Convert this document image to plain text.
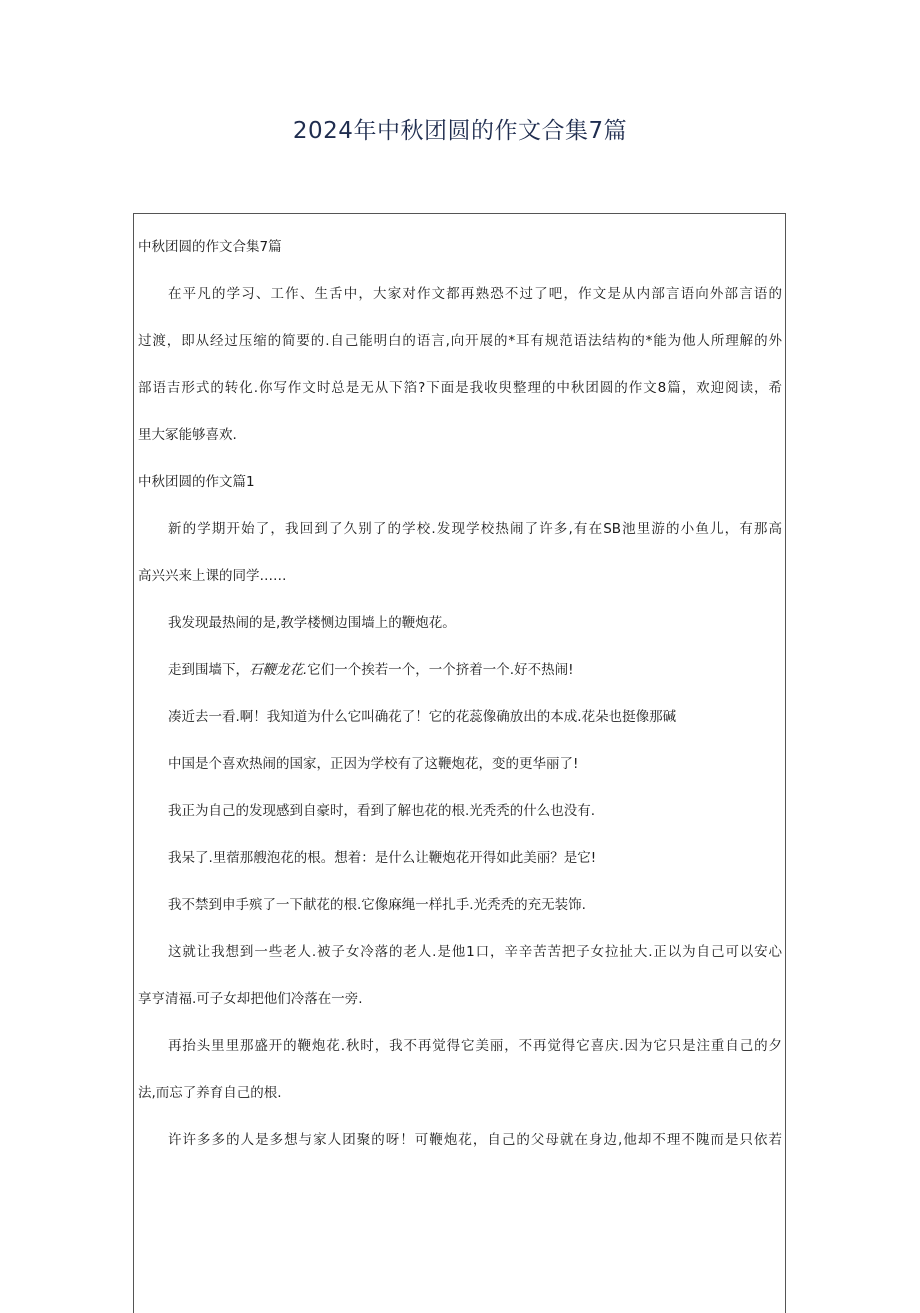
2024年中秋团圆的作文合集7篇
中秋团圆的作文合集7篇
在平凡的学习、工作、生舌中，大家对作文都再熟恐不过了吧，作文是从内部言语向外部言语的
过渡，即从经过压缩的简要的.自己能明白的语言,向开展的*耳有规范语法结构的*能为他人所理解的外
部语吉形式的转化.你写作文时总是无从下箔?下面是我收臾整理的中秋团圆的作文8篇，欢迎阅读，希
里大冢能够喜欢.
中秋团圆的作文篇1
新的学期开始了，我回到了久别了的学校.发现学校热闹了许多,有在SB池里游的小鱼儿，有那高
高兴兴来上课的同学……
我发现最热闹的是,教学楼恻边围墙上的鞭炮花。
走到围墙下，石鞭龙花.它们一个挨若一个，一个挤着一个.好不热闹!
凑近去一看.啊！我知道为什么它叫确花了！它的花蕊像确放出的本成.花朵也挺像那碱
中国是个喜欢热闹的国家，正因为学校有了这鞭炮花，变的更华丽了!
我正为自己的发现感到自豪时，看到了解也花的根.光秃秃的什么也没有.
我呆了.里蓿那艘泡花的根。想着：是什么让鞭炮花开得如此美丽？是它!
我不禁到申手殡了一下献花的根.它像麻绳一样扎手.光秃秃的充无装饰.
这就让我想到一些老人.被子女冷落的老人.是他1口，辛辛苦苦把子女拉扯大.正以为自己可以安心
享亨清福.可子女却把他们冷落在一旁.
再抬头里里那盛开的鞭炮花.秋时，我不再觉得它美丽，不再觉得它喜庆.因为它只是注重自己的夕
法,而忘了养育自己的根.
许许多多的人是多想与家人团聚的呀！可鞭炮花，自己的父母就在身边,他却不理不隗而是只依若
